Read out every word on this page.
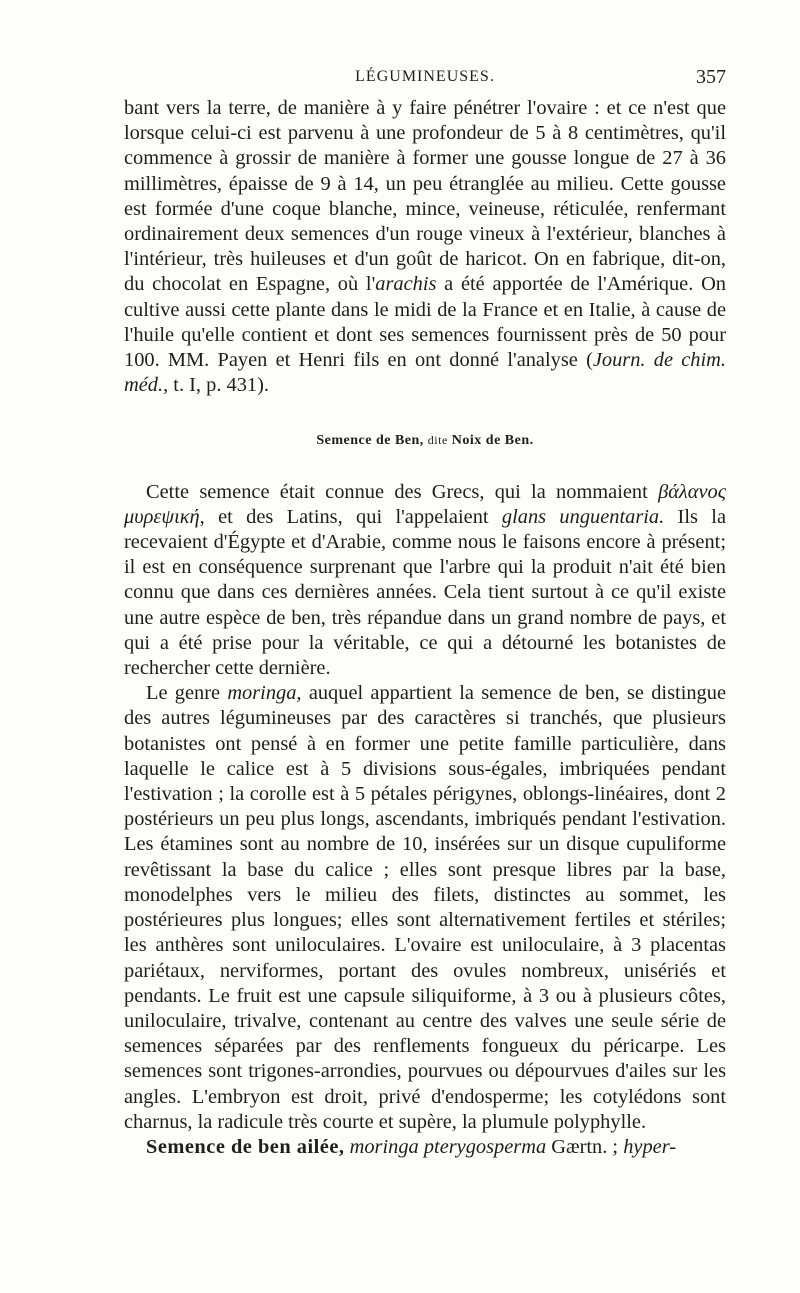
LÉGUMINEUSES.	357

bant vers la terre, de manière à y faire pénétrer l'ovaire : et ce n'est que lorsque celui-ci est parvenu à une profondeur de 5 à 8 centimètres, qu'il commence à grossir de manière à former une gousse longue de 27 à 36 millimètres, épaisse de 9 à 14, un peu étranglée au milieu. Cette gousse est formée d'une coque blanche, mince, veineuse, réticulée, renfermant ordinairement deux semences d'un rouge vineux à l'extérieur, blanches à l'intérieur, très huileuses et d'un goût de haricot. On en fabrique, dit-on, du chocolat en Espagne, où l'arachis a été apportée de l'Amérique. On cultive aussi cette plante dans le midi de la France et en Italie, à cause de l'huile qu'elle contient et dont ses semences fournissent près de 50 pour 100. MM. Payen et Henri fils en ont donné l'analyse (Journ. de chim. méd., t. I, p. 431).

Semence de Ben, dite Noix de Ben.

Cette semence était connue des Grecs, qui la nommaient βάλανος μυρεψική, et des Latins, qui l'appelaient glans unguentaria. Ils la recevaient d'Égypte et d'Arabie, comme nous le faisons encore à présent; il est en conséquence surprenant que l'arbre qui la produit n'ait été bien connu que dans ces dernières années. Cela tient surtout à ce qu'il existe une autre espèce de ben, très répandue dans un grand nombre de pays, et qui a été prise pour la véritable, ce qui a détourné les botanistes de rechercher cette dernière.

Le genre moringa, auquel appartient la semence de ben, se distingue des autres légumineuses par des caractères si tranchés, que plusieurs botanistes ont pensé à en former une petite famille particulière, dans laquelle le calice est à 5 divisions sous-égales, imbriquées pendant l'estivation ; la corolle est à 5 pétales périgynes, oblongs-linéaires, dont 2 postérieurs un peu plus longs, ascendants, imbriqués pendant l'estivation. Les étamines sont au nombre de 10, insérées sur un disque cupuliforme revêtissant la base du calice ; elles sont presque libres par la base, monodelphes vers le milieu des filets, distinctes au sommet, les postérieures plus longues; elles sont alternativement fertiles et stériles; les anthères sont uniloculaires. L'ovaire est uniloculaire, à 3 placentas pariétaux, nerviformes, portant des ovules nombreux, unisériés et pendants. Le fruit est une capsule siliquiforme, à 3 ou à plusieurs côtes, uniloculaire, trivalve, contenant au centre des valves une seule série de semences séparées par des renflements fongueux du péricarpe. Les semences sont trigones-arrondies, pourvues ou dépourvues d'ailes sur les angles. L'embryon est droit, privé d'endosperme; les cotylédons sont charnus, la radicule très courte et supère, la plumule polyphylle.

Semence de ben ailée, moringa pterygosperma Gærtn. ; hyper-
